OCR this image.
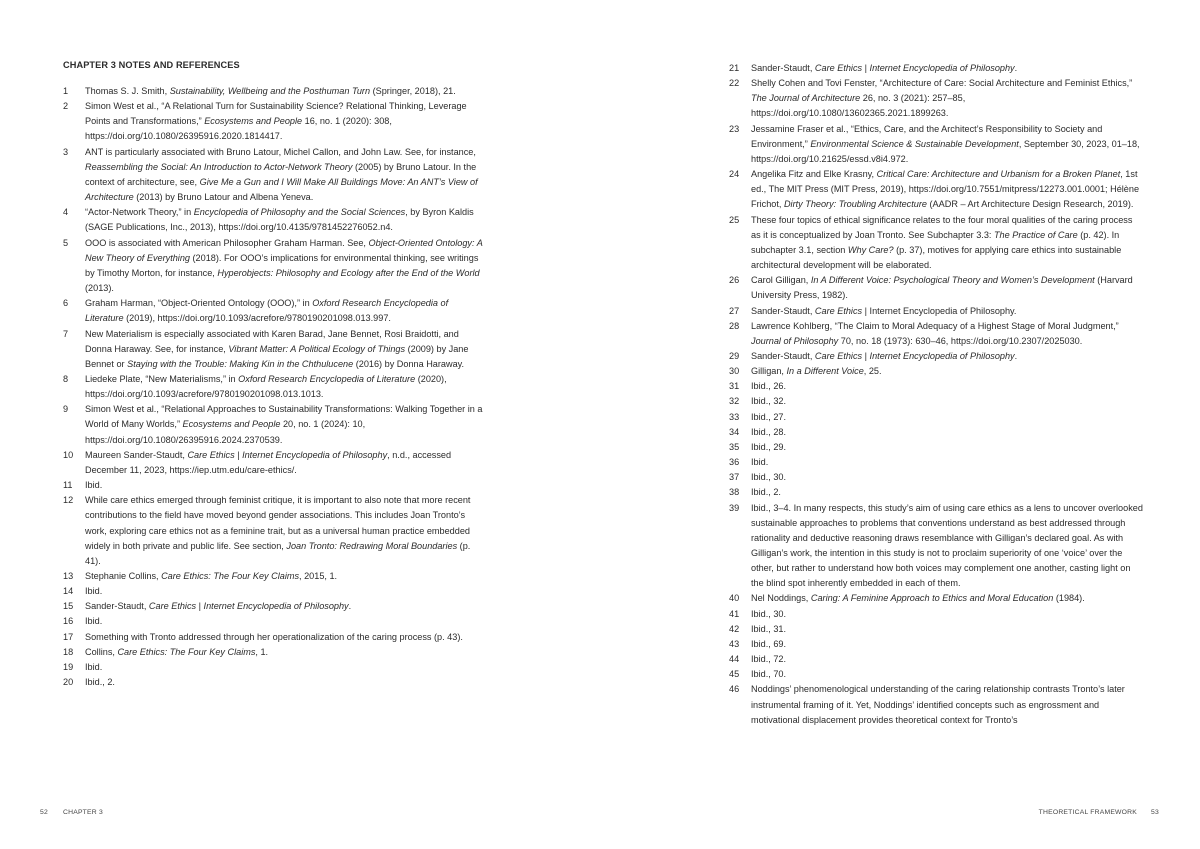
CHAPTER 3 NOTES AND REFERENCES
1	Thomas S. J. Smith, Sustainability, Wellbeing and the Posthuman Turn (Springer, 2018), 21.
2	Simon West et al., “A Relational Turn for Sustainability Science? Relational Thinking, Leverage Points and Transformations,” Ecosystems and People 16, no. 1 (2020): 308, https://doi.org/10.1080/26395916.2020.1814417.
3	ANT is particularly associated with Bruno Latour, Michel Callon, and John Law. See, for instance, Reassembling the Social: An Introduction to Actor-Network Theory (2005) by Bruno Latour. In the context of architecture, see, Give Me a Gun and I Will Make All Buildings Move: An ANT’s View of Architecture (2013) by Bruno Latour and Albena Yeneva.
4	“Actor-Network Theory,” in Encyclopedia of Philosophy and the Social Sciences, by Byron Kaldis (SAGE Publications, Inc., 2013), https://doi.org/10.4135/9781452276052.n4.
5	OOO is associated with American Philosopher Graham Harman. See, Object-Oriented Ontology: A New Theory of Everything (2018). For OOO’s implications for environmental thinking, see writings by Timothy Morton, for instance, Hyperobjects: Philosophy and Ecology after the End of the World (2013).
6	Graham Harman, “Object-Oriented Ontology (OOO),” in Oxford Research Encyclopedia of Literature (2019), https://doi.org/10.1093/acrefore/9780190201098.013.997.
7	New Materialism is especially associated with Karen Barad, Jane Bennet, Rosi Braidotti, and Donna Haraway. See, for instance, Vibrant Matter: A Political Ecology of Things (2009) by Jane Bennet or Staying with the Trouble: Making Kin in the Chthulucene (2016) by Donna Haraway.
8	Liedeke Plate, “New Materialisms,” in Oxford Research Encyclopedia of Literature (2020), https://doi.org/10.1093/acrefore/9780190201098.013.1013.
9	Simon West et al., “Relational Approaches to Sustainability Transformations: Walking Together in a World of Many Worlds,” Ecosystems and People 20, no. 1 (2024): 10, https://doi.org/10.1080/26395916.2024.2370539.
10	Maureen Sander-Staudt, Care Ethics | Internet Encyclopedia of Philosophy, n.d., accessed December 11, 2023, https://iep.utm.edu/care-ethics/.
11	Ibid.
12	While care ethics emerged through feminist critique, it is important to also note that more recent contributions to the field have moved beyond gender associations. This includes Joan Tronto’s work, exploring care ethics not as a feminine trait, but as a universal human practice embedded widely in both private and public life. See section, Joan Tronto: Redrawing Moral Boundaries (p. 41).
13	Stephanie Collins, Care Ethics: The Four Key Claims, 2015, 1.
14	Ibid.
15	Sander-Staudt, Care Ethics | Internet Encyclopedia of Philosophy.
16	Ibid.
17	Something with Tronto addressed through her operationalization of the caring process (p. 43).
18	Collins, Care Ethics: The Four Key Claims, 1.
19	Ibid.
20	Ibid., 2.
52 CHAPTER 3
21	Sander-Staudt, Care Ethics | Internet Encyclopedia of Philosophy.
22	Shelly Cohen and Tovi Fenster, “Architecture of Care: Social Architecture and Feminist Ethics,” The Journal of Architecture 26, no. 3 (2021): 257–85, https://doi.org/10.1080/13602365.2021.1899263.
23	Jessamine Fraser et al., “Ethics, Care, and the Architect’s Responsibility to Society and Environment,” Environmental Science & Sustainable Development, September 30, 2023, 01–18, https://doi.org/10.21625/essd.v8i4.972.
24	Angelika Fitz and Elke Krasny, Critical Care: Architecture and Urbanism for a Broken Planet, 1st ed., The MIT Press (MIT Press, 2019), https://doi.org/10.7551/mitpress/12273.001.0001; Hélène Frichot, Dirty Theory: Troubling Architecture (AADR – Art Architecture Design Research, 2019).
25	These four topics of ethical significance relates to the four moral qualities of the caring process as it is conceptualized by Joan Tronto. See Subchapter 3.3: The Practice of Care (p. 42). In subchapter 3.1, section Why Care? (p. 37), motives for applying care ethics into sustainable architectural development will be elaborated.
26	Carol Gilligan, In A Different Voice: Psychological Theory and Women’s Development (Harvard University Press, 1982).
27	Sander-Staudt, Care Ethics | Internet Encyclopedia of Philosophy.
28	Lawrence Kohlberg, “The Claim to Moral Adequacy of a Highest Stage of Moral Judgment,” Journal of Philosophy 70, no. 18 (1973): 630–46, https://doi.org/10.2307/2025030.
29	Sander-Staudt, Care Ethics | Internet Encyclopedia of Philosophy.
30	Gilligan, In a Different Voice, 25.
31	Ibid., 26.
32	Ibid., 32.
33	Ibid., 27.
34	Ibid., 28.
35	Ibid., 29.
36	Ibid.
37	Ibid., 30.
38	Ibid., 2.
39	Ibid., 3–4. In many respects, this study’s aim of using care ethics as a lens to uncover overlooked sustainable approaches to problems that conventions understand as best addressed through rationality and deductive reasoning draws resemblance with Gilligan’s declared goal. As with Gilligan’s work, the intention in this study is not to proclaim superiority of one ‘voice’ over the other, but rather to understand how both voices may complement one another, casting light on the blind spot inherently embedded in each of them.
40	Nel Noddings, Caring: A Feminine Approach to Ethics and Moral Education (1984).
41	Ibid., 30.
42	Ibid., 31.
43	Ibid., 69.
44	Ibid., 72.
45	Ibid., 70.
46	Noddings’ phenomenological understanding of the caring relationship contrasts Tronto’s later instrumental framing of it. Yet, Noddings’ identified concepts such as engrossment and motivational displacement provides theoretical context for Tronto’s
THEORETICAL FRAMEWORK 53
